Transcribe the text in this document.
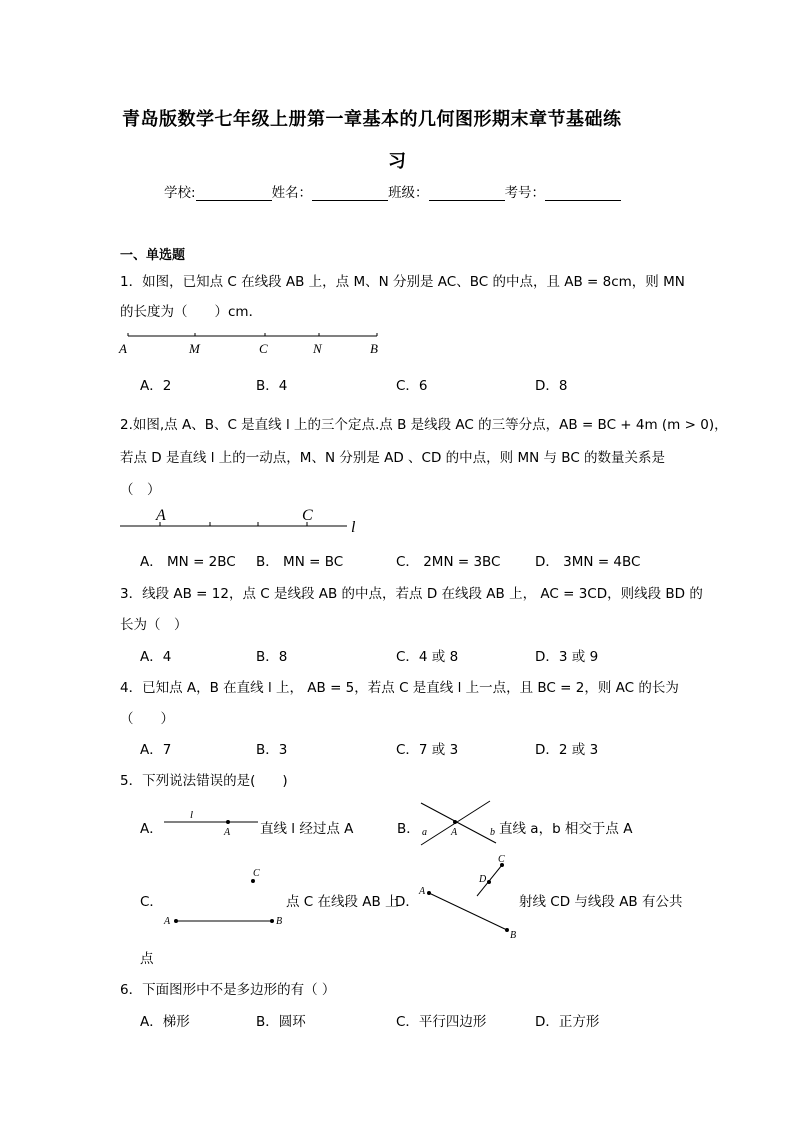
青岛版数学七年级上册第一章基本的几何图形期末章节基础练
习
学校:	姓名：	班级：	考号：
一、单选题
1．如图，已知点 C 在线段 AB 上，点 M、N 分别是 AC、BC 的中点，且 AB = 8cm，则 MN
的长度为（　　）cm．
A	M	C	N	B
A．2	B．4	C．6	D．8
2.如图,点 A、B、C 是直线 l 上的三个定点.点 B 是线段 AC 的三等分点，AB = BC + 4m (m > 0)，
若点 D 是直线 l 上的一动点，M、N 分别是 AD 、CD 的中点，则 MN 与 BC 的数量关系是
（　）
A	C
l
A． MN = 2BC B． MN = BC	C． 2MN = 3BC	D． 3MN = 4BC
3．线段 AB = 12，点 C 是线段 AB 的中点，若点 D 在线段 AB 上， AC = 3CD，则线段 BD 的
长为（　）
A．4	B．8	C．4 或 8	D．3 或 9
4．已知点 A，B 在直线 l 上， AB = 5，若点 C 是直线 l 上一点，且 BC = 2，则 AC 的长为
（　　）
A．7	B．3	C．7 或 3	D．2 或 3
5．下列说法错误的是(　　)
A．
l
A 直线 l 经过点 A	B． a A	b 直线 a，b 相交于点 A
C．
C
A	B
点 C 在线段 AB 上
D．
A
C
D
B
射线 CD 与线段 AB 有公共
点
6．下面图形中不是多边形的有（ ）
A．梯形	B．圆环	C．平行四边形	D．正方形
